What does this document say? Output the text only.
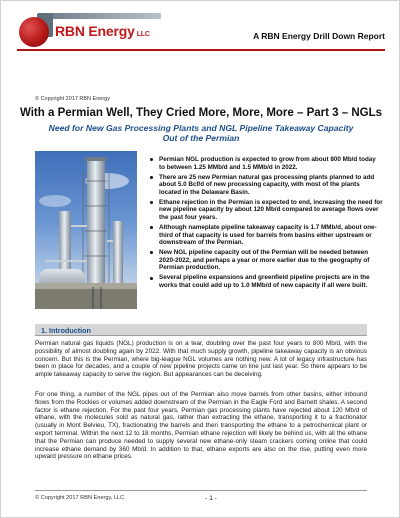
RBN Energy LLC	A RBN Energy Drill Down Report
© Copyright 2017 RBN Energy
With a Permian Well, They Cried More, More, More – Part 3 – NGLs
Need for New Gas Processing Plants and NGL Pipeline Takeaway Capacity Out of the Permian
Permian NGL production is expected to grow from about 800 Mb/d today to between 1.25 MMb/d and 1.5 MMb/d in 2022.
There are 25 new Permian natural gas processing plants planned to add about 5.0 Bcf/d of new processing capacity, with most of the plants located in the Delaware Basin.
Ethane rejection in the Permian is expected to end, increasing the need for new pipeline capacity by about 120 Mb/d compared to average flows over the past four years.
Although nameplate pipeline takeaway capacity is 1.7 MMb/d, about one-third of that capacity is used for barrels from basins either upstream or downstream of the Permian.
New NGL pipeline capacity out of the Permian will be needed between 2020-2022, and perhaps a year or more earlier due to the geography of Permian production.
Several pipeline expansions and greenfield pipeline projects are in the works that could add up to 1.0 MMb/d of new capacity if all were built.
1. Introduction

Permian natural gas liquids (NGL) production is on a tear, doubling over the past four years to 800 Mb/d, with the possibility of almost doubling again by 2022. With that much supply growth, pipeline takeaway capacity is an obvious concern. But this is the Permian, where big-league NGL volumes are nothing new. A lot of legacy infrastructure has been in place for decades, and a couple of new pipeline projects came on line just last year. So there appears to be ample takeaway capacity to serve the region. But appearances can be deceiving.

For one thing, a number of the NGL pipes out of the Permian also move barrels from other basins, either inbound flows from the Rockies or volumes added downstream of the Permian in the Eagle Ford and Barnett shales. A second factor is ethane rejection. For the past four years, Permian gas processing plants have rejected about 120 Mb/d of ethane, with the molecules sold as natural gas, rather than extracting the ethane, transporting it to a fractionator (usually in Mont Belvieu, TX), fractionating the barrels and then transporting the ethane to a petrochemical plant or export terminal. Within the next 12 to 18 months, Permian ethane rejection will likely be behind us, with all the ethane that the Permian can produce needed to supply several new ethane-only steam crackers coming online that could increase ethane demand by 360 Mb/d. In addition to that, ethane exports are also on the rise, putting even more upward pressure on ethane prices.

© Copyright 2017 RBN Energy, LLC	- 1 -
